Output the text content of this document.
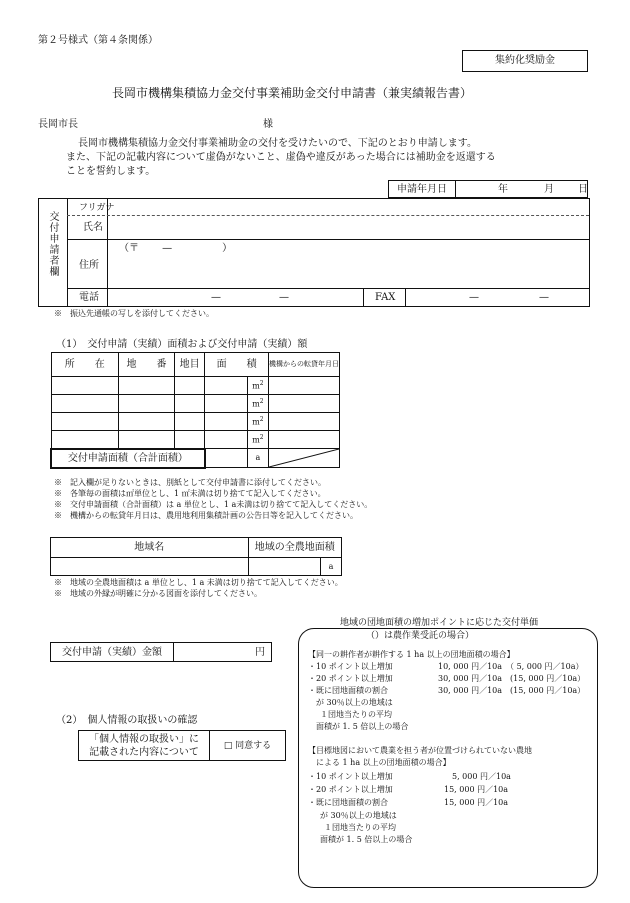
第２号様式（第４条関係）
集約化奨励金
長岡市機構集積協力金交付事業補助金交付申請書（兼実績報告書）
長岡市長	様
長岡市機構集積協力金交付事業補助金の交付を受けたいので、下記のとおり申請します。
また、下記の記載内容について虚偽がないこと、虚偽や違反があった場合には補助金を返還する
ことを誓約します。
申請年月日	年	月 日
交付申請者欄
フリガナ
氏名
住所
（〒　　 —　　　　　）
電話	—	—	FAX	—	—
※　振込先通帳の写しを添付してください。
（1）　交付申請（実績）面積および交付申請（実績）額
所　　在	地　　番	地目	面　　積		機構からの転貸年月日
				$m^2$	
				$m^2$	
				$m^2$	
				$m^2$	
交付申請面積（合計面積）				a	
※　記入欄が足りないときは、別紙として交付申請書に添付してください。
※　各筆毎の面積は㎡単位とし、1 ㎡未満は切り捨てて記入してください。
※　交付申請面積（合計面積）は a 単位とし、1 a未満は切り捨てて記入してください。
※　機構からの転貸年月日は、農用地利用集積計画の公告日等を記入してください。
地域名	地域の全農地面積	
		a
※　地域の全農地面積は a 単位とし、1 a 未満は切り捨てて記入してください。
※　地域の外縁が明確に分かる図面を添付してください。
交付申請（実績）金額	円
（2）　個人情報の取扱いの確認
「個人情報の取扱い」に
記載された内容について
	□ 同意する
地域の団地面積の増加ポイントに応じた交付単価
（）は農作業受託の場合）
【同一の耕作者が耕作する 1 ha 以上の団地面積の場合】
・10 ポイント以上増加	10, 000 円／10a　（ 5, 000 円／10a）
・20 ポイント以上増加	30, 000 円／10a　(15, 000 円／10a）
・既に団地面積の割合	30, 000 円／10a　(15, 000 円／10a）
が 30％以上の地域は
１団地当たりの平均
面積が 1. 5 倍以上の場合
【目標地図において農業を担う者が位置づけられていない農地
による 1 ha 以上の団地面積の場合】
・10 ポイント以上増加	5, 000 円／10a
・20 ポイント以上増加	15, 000 円／10a
・既に団地面積の割合	15, 000 円／10a
が 30％以上の地域は
１団地当たりの平均
面積が 1. 5 倍以上の場合
